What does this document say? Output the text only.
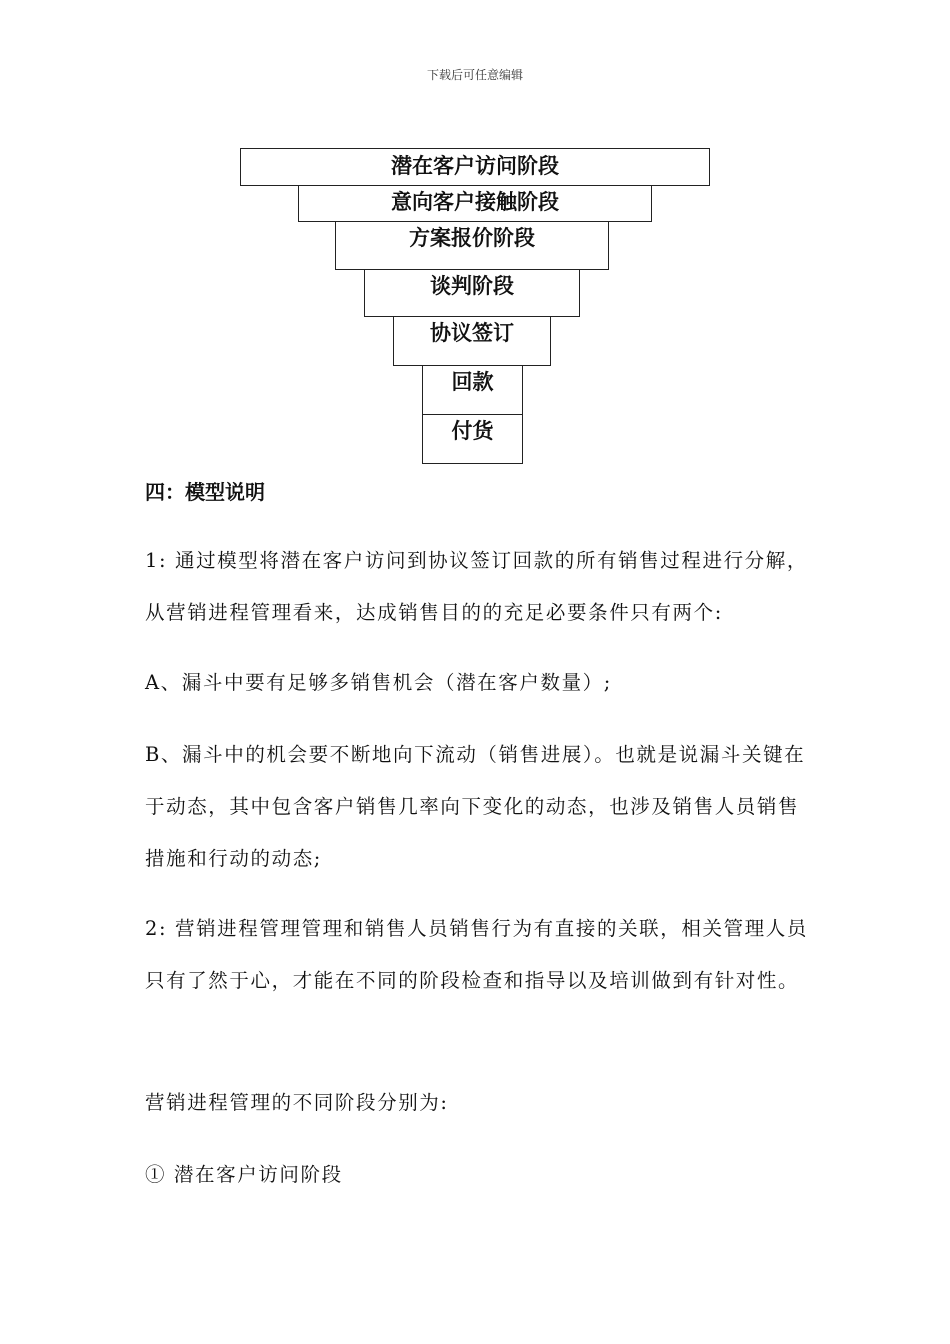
下载后可任意编辑
潜在客户访问阶段
意向客户接触阶段
方案报价阶段
谈判阶段
协议签订
回款
付货
四：模型说明

1: 通过模型将潜在客户访问到协议签订回款的所有销售过程进行分解，从营销进程管理看来，达成销售目的的充足必要条件只有两个:

A、漏斗中要有足够多销售机会（潜在客户数量）;

B、漏斗中的机会要不断地向下流动（销售进展）。也就是说漏斗关键在于动态，其中包含客户销售几率向下变化的动态，也涉及销售人员销售措施和行动的动态;

2: 营销进程管理管理和销售人员销售行为有直接的关联，相关管理人员只有了然于心，才能在不同的阶段检查和指导以及培训做到有针对性。

营销进程管理的不同阶段分别为:

① 潜在客户访问阶段
